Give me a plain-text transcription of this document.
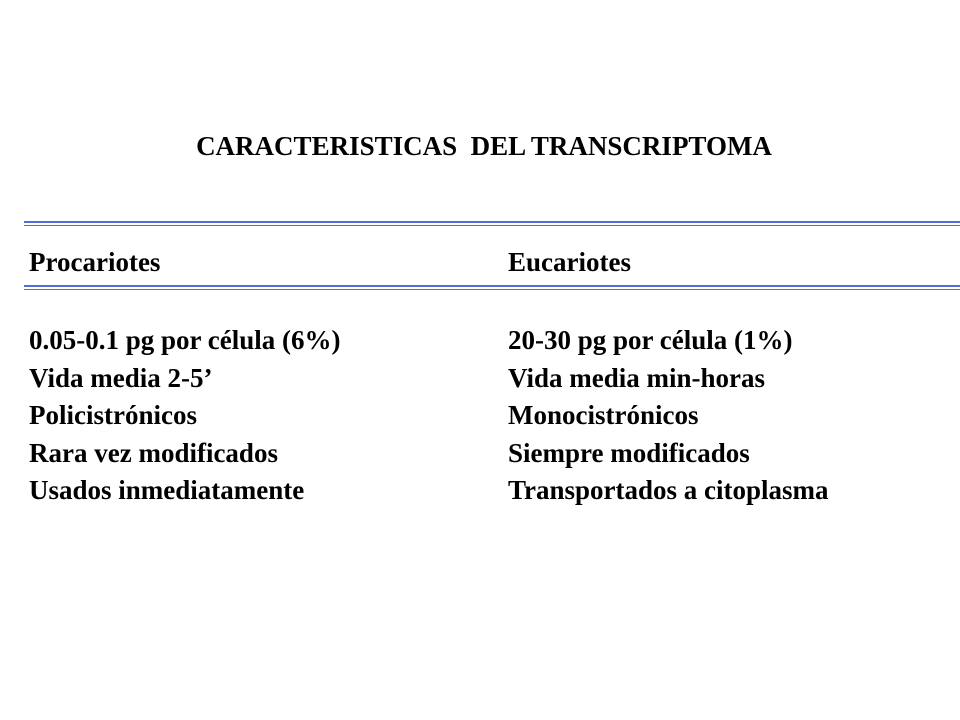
CARACTERISTICAS  DEL TRANSCRIPTOMA
Procariotes	Eucariotes
0.05-0.1 pg por célula (6%)
Vida media 2-5’
Policistrónicos
Rara vez modificados
Usados inmediatamente
20-30 pg por célula (1%)
Vida media min-horas
Monocistrónicos
Siempre modificados
Transportados a citoplasma
